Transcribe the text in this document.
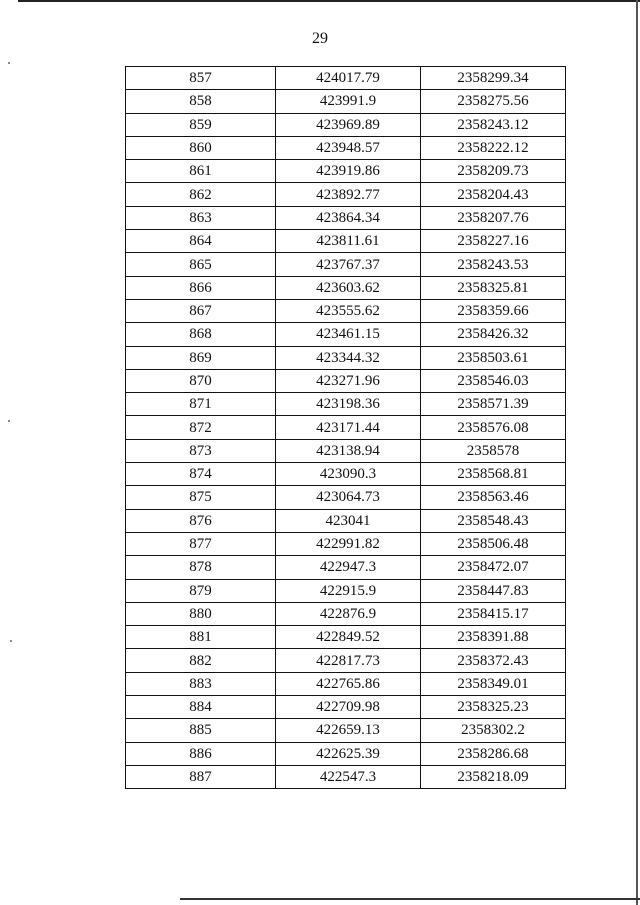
29
857	424017.79	2358299.34
858	423991.9	2358275.56
859	423969.89	2358243.12
860	423948.57	2358222.12
861	423919.86	2358209.73
862	423892.77	2358204.43
863	423864.34	2358207.76
864	423811.61	2358227.16
865	423767.37	2358243.53
866	423603.62	2358325.81
867	423555.62	2358359.66
868	423461.15	2358426.32
869	423344.32	2358503.61
870	423271.96	2358546.03
871	423198.36	2358571.39
872	423171.44	2358576.08
873	423138.94	2358578
874	423090.3	2358568.81
875	423064.73	2358563.46
876	423041	2358548.43
877	422991.82	2358506.48
878	422947.3	2358472.07
879	422915.9	2358447.83
880	422876.9	2358415.17
881	422849.52	2358391.88
882	422817.73	2358372.43
883	422765.86	2358349.01
884	422709.98	2358325.23
885	422659.13	2358302.2
886	422625.39	2358286.68
887	422547.3	2358218.09
